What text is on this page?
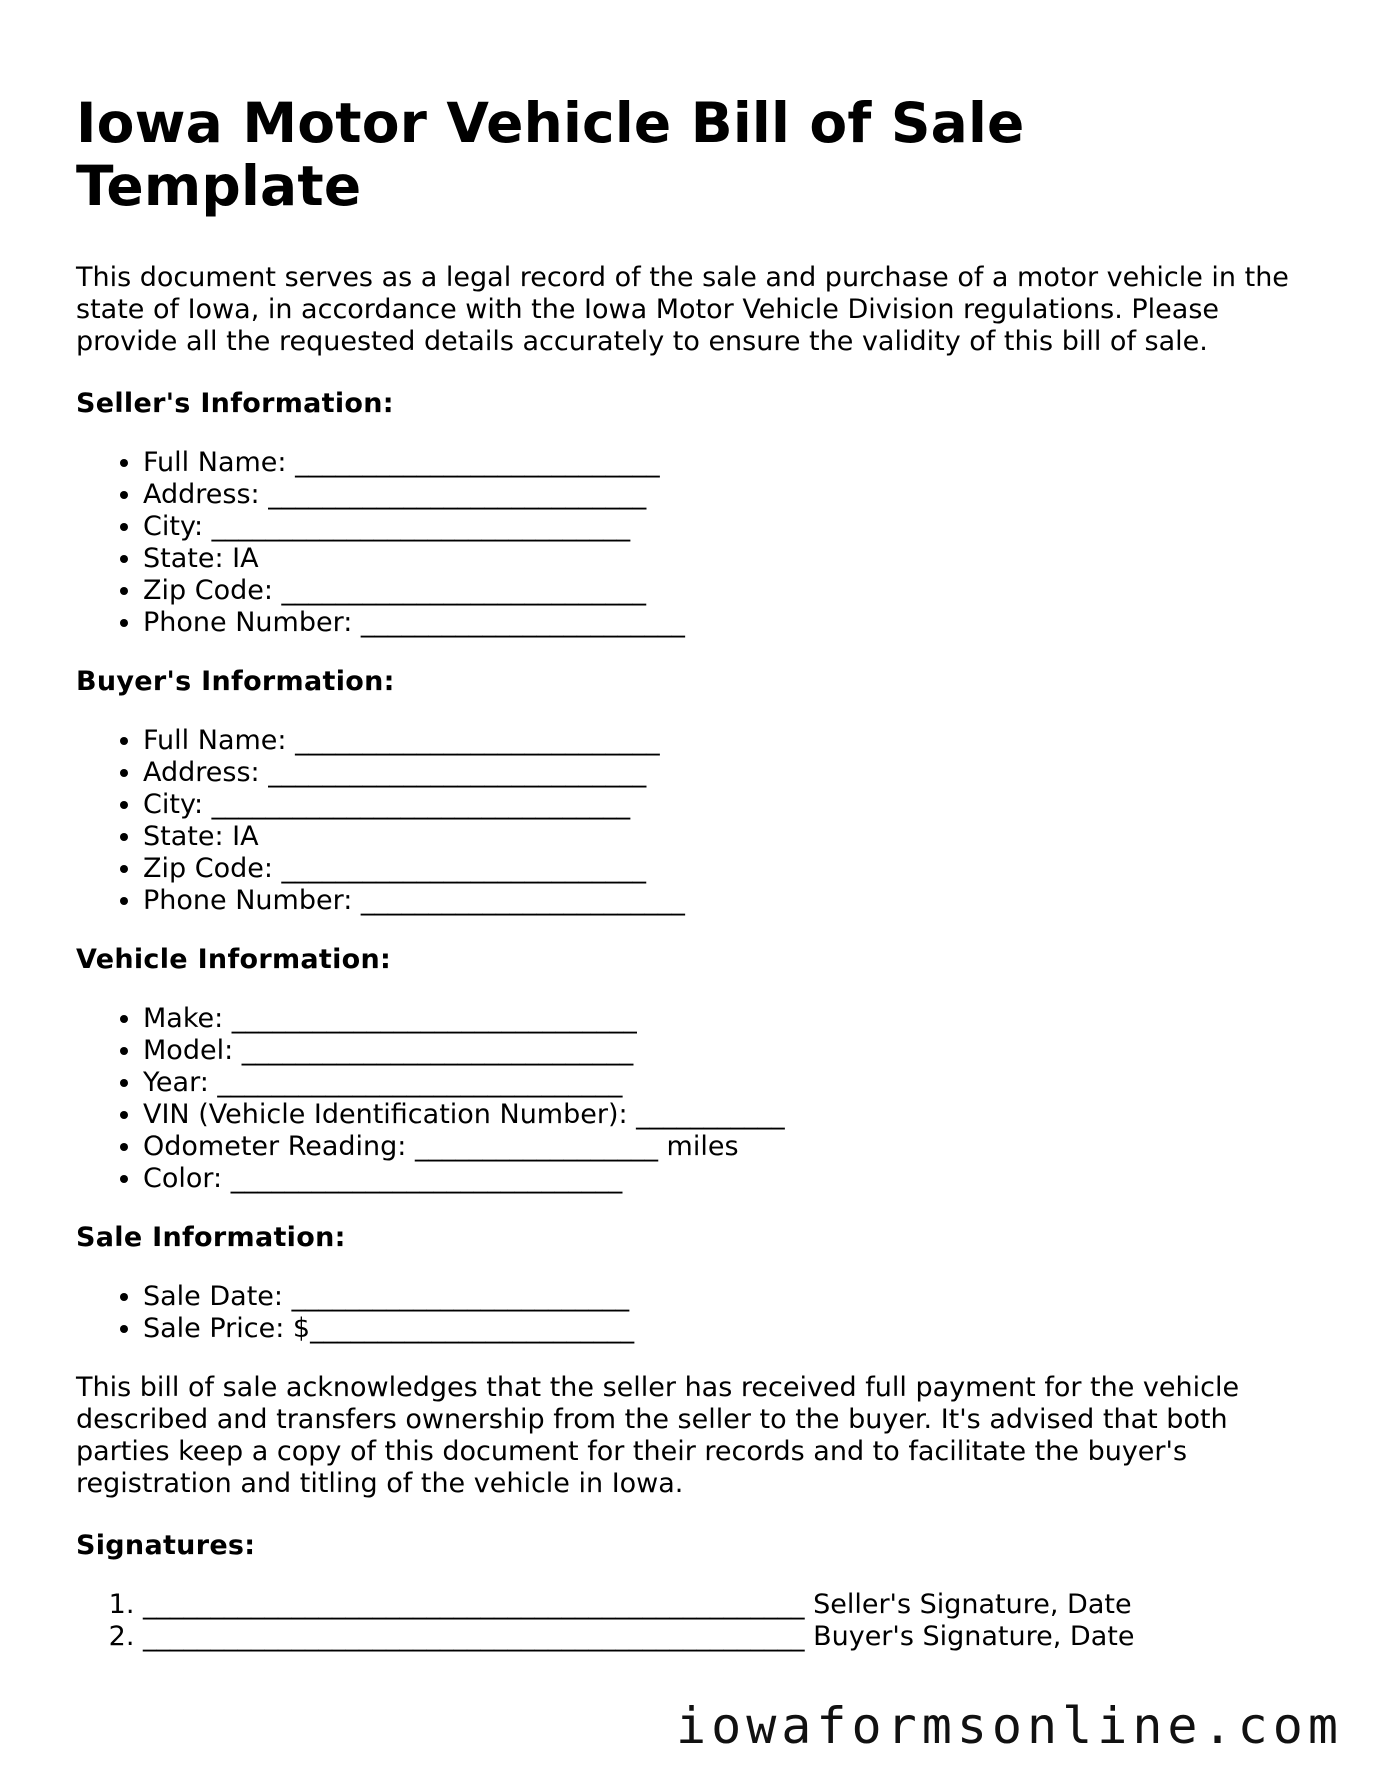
Iowa Motor Vehicle Bill of Sale Template

This document serves as a legal record of the sale and purchase of a motor vehicle in the state of Iowa, in accordance with the Iowa Motor Vehicle Division regulations. Please provide all the requested details accurately to ensure the validity of this bill of sale.

Seller's Information:
• Full Name: ___________________________
• Address: ____________________________
• City: _______________________________
• State: IA
• Zip Code: ___________________________
• Phone Number: ________________________
Buyer's Information:
• Full Name: ___________________________
• Address: ____________________________
• City: _______________________________
• State: IA
• Zip Code: ___________________________
• Phone Number: ________________________
Vehicle Information:
• Make: ______________________________
• Model: _____________________________
• Year: ______________________________
• VIN (Vehicle Identification Number): ___________
• Odometer Reading: __________________ miles
• Color: _____________________________
Sale Information:
• Sale Date: _________________________
• Sale Price: $________________________

This bill of sale acknowledges that the seller has received full payment for the vehicle described and transfers ownership from the seller to the buyer. It's advised that both parties keep a copy of this document for their records and to facilitate the buyer's registration and titling of the vehicle in Iowa.

Signatures:
1. _________________________________________________ Seller's Signature, Date
2. _________________________________________________ Buyer's Signature, Date
iowaformsonline.com
